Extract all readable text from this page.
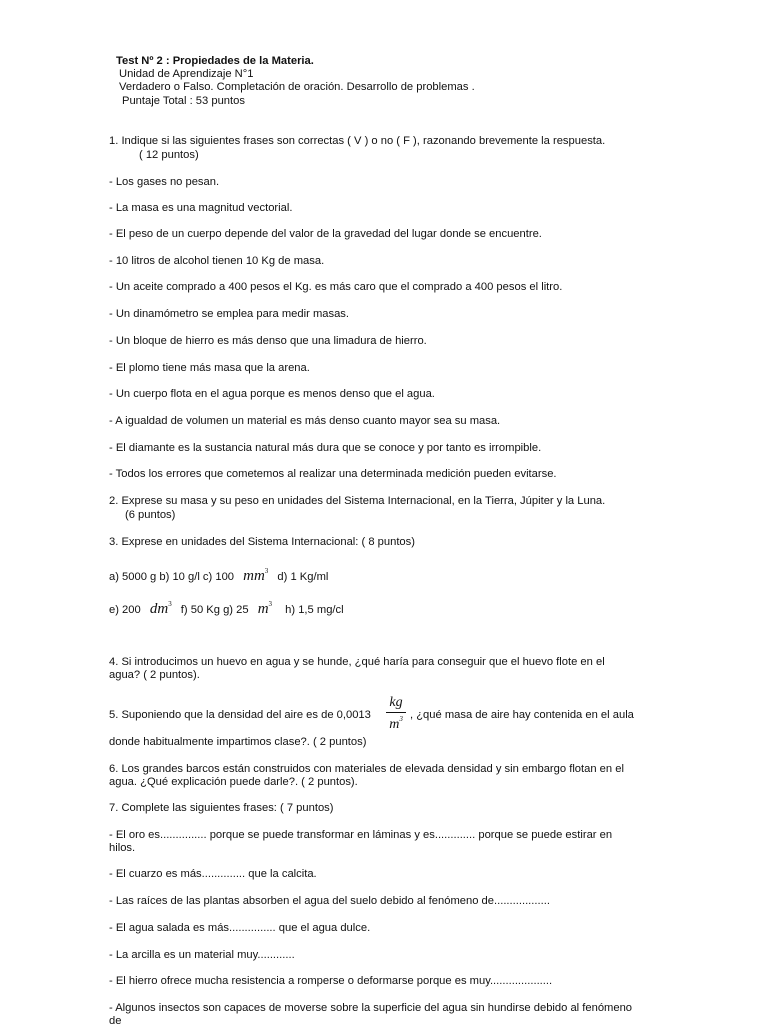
Test Nº 2 : Propiedades de la Materia.
Unidad de Aprendizaje N°1
Verdadero o Falso. Completación de oración. Desarrollo de problemas .
Puntaje Total : 53 puntos
1. Indique si las siguientes frases son correctas ( V ) o no ( F ), razonando brevemente la respuesta.
( 12 puntos)
- Los gases no pesan.
- La masa es una magnitud vectorial.
- El peso de un cuerpo depende del valor de la gravedad del lugar donde se encuentre.
- 10 litros de alcohol tienen 10 Kg de masa.
- Un aceite comprado a 400 pesos el Kg. es más caro que el comprado a 400 pesos el litro.
- Un dinamómetro se emplea para medir masas.
- Un bloque de hierro es más denso que una limadura de hierro.
- El plomo tiene más masa que la arena.
- Un cuerpo flota en el agua porque es menos denso que el agua.
- A igualdad de volumen un material es más denso cuanto mayor sea su masa.
- El diamante es la sustancia natural más dura que se conoce y por tanto es irrompible.
- Todos los errores que cometemos al realizar una determinada medición pueden evitarse.
2. Exprese su masa y su peso en unidades del Sistema Internacional, en la Tierra, Júpiter y la Luna.
(6 puntos)
3. Exprese en unidades del Sistema Internacional: ( 8 puntos)
a) 5000 g b) 10 g/l c) 100 $mm^3$ d) 1 Kg/ml
e) 200 $dm^3$ f) 50 Kg g) 25 $m^3$ h) 1,5 mg/cl
4. Si introducimos un huevo en agua y se hunde, ¿qué haría para conseguir que el huevo flote en el
agua? ( 2 puntos).
5. Suponiendo que la densidad del aire es de 0,0013
kg
$m^3$ , ¿qué masa de aire hay contenida en el aula
donde habitualmente impartimos clase?. ( 2 puntos)
6. Los grandes barcos están construidos con materiales de elevada densidad y sin embargo flotan en el
agua. ¿Qué explicación puede darle?. ( 2 puntos).
7. Complete las siguientes frases: ( 7 puntos)
- El oro es............... porque se puede transformar en láminas y es............. porque se puede estirar en
hilos.
- El cuarzo es más.............. que la calcita.
- Las raíces de las plantas absorben el agua del suelo debido al fenómeno de..................
- El agua salada es más............... que el agua dulce.
- La arcilla es un material muy............
- El hierro ofrece mucha resistencia a romperse o deformarse porque es muy....................
- Algunos insectos son capaces de moverse sobre la superficie del agua sin hundirse debido al fenómeno
de
